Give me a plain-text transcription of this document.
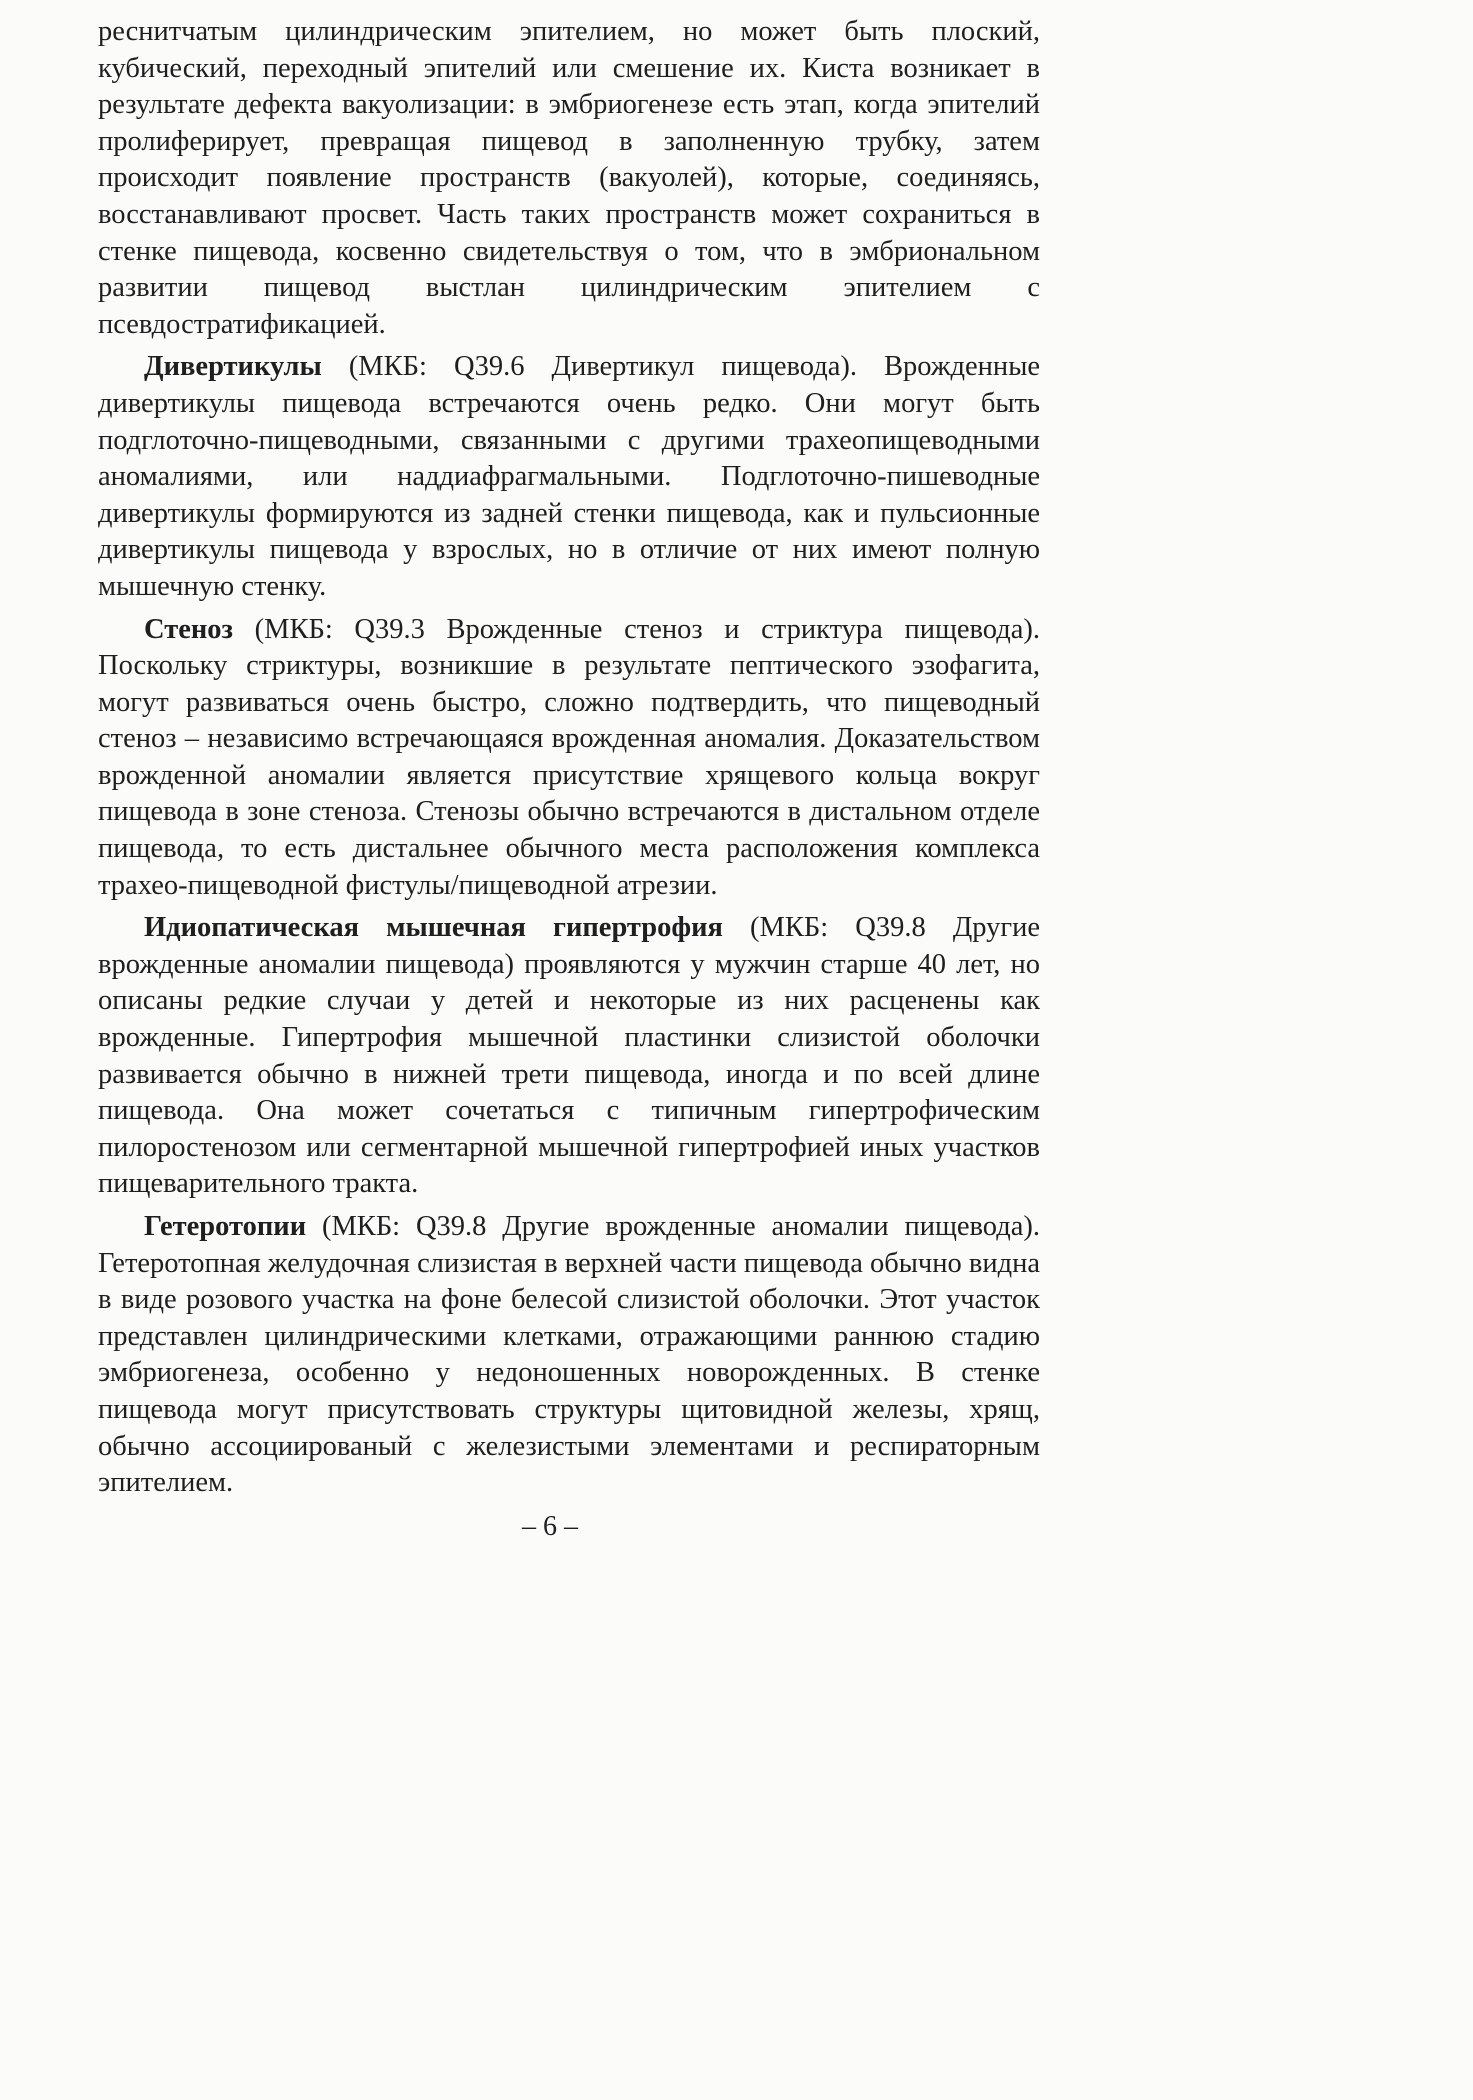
реснитчатым цилиндрическим эпителием, но может быть плоский, кубический, переходный эпителий или смешение их. Киста возникает в результате дефекта вакуолизации: в эмбриогенезе есть этап, когда эпителий пролиферирует, превращая пищевод в заполненную трубку, затем происходит появление пространств (вакуолей), которые, соединяясь, восстанавливают просвет. Часть таких пространств может сохраниться в стенке пищевода, косвенно свидетельствуя о том, что в эмбриональном развитии пищевод выстлан цилиндрическим эпителием с псевдостратификацией.

Дивертикулы (МКБ: Q39.6 Дивертикул пищевода). Врожденные дивертикулы пищевода встречаются очень редко. Они могут быть подглоточно-пищеводными, связанными с другими трахеопищеводными аномалиями, или наддиафрагмальными. Подглоточно-пишеводные дивертикулы формируются из задней стенки пищевода, как и пульсионные дивертикулы пищевода у взрослых, но в отличие от них имеют полную мышечную стенку.

Стеноз (МКБ: Q39.3 Врожденные стеноз и стриктура пищевода). Поскольку стриктуры, возникшие в результате пептического эзофагита, могут развиваться очень быстро, сложно подтвердить, что пищеводный стеноз – независимо встречающаяся врожденная аномалия. Доказательством врожденной аномалии является присутствие хрящевого кольца вокруг пищевода в зоне стеноза. Стенозы обычно встречаются в дистальном отделе пищевода, то есть дистальнее обычного места расположения комплекса трахео-пищеводной фистулы/пищеводной атрезии.

Идиопатическая мышечная гипертрофия (МКБ: Q39.8 Другие врожденные аномалии пищевода) проявляются у мужчин старше 40 лет, но описаны редкие случаи у детей и некоторые из них расценены как врожденные. Гипертрофия мышечной пластинки слизистой оболочки развивается обычно в нижней трети пищевода, иногда и по всей длине пищевода. Она может сочетаться с типичным гипертрофическим пилоростенозом или сегментарной мышечной гипертрофией иных участков пищеварительного тракта.

Гетеротопии (МКБ: Q39.8 Другие врожденные аномалии пищевода). Гетеротопная желудочная слизистая в верхней части пищевода обычно видна в виде розового участка на фоне белесой слизистой оболочки. Этот участок представлен цилиндрическими клетками, отражающими раннюю стадию эмбриогенеза, особенно у недоношенных новорожденных. В стенке пищевода могут присутствовать структуры щитовидной железы, хрящ, обычно ассоциированый с железистыми элементами и респираторным эпителием.

– 6 –
